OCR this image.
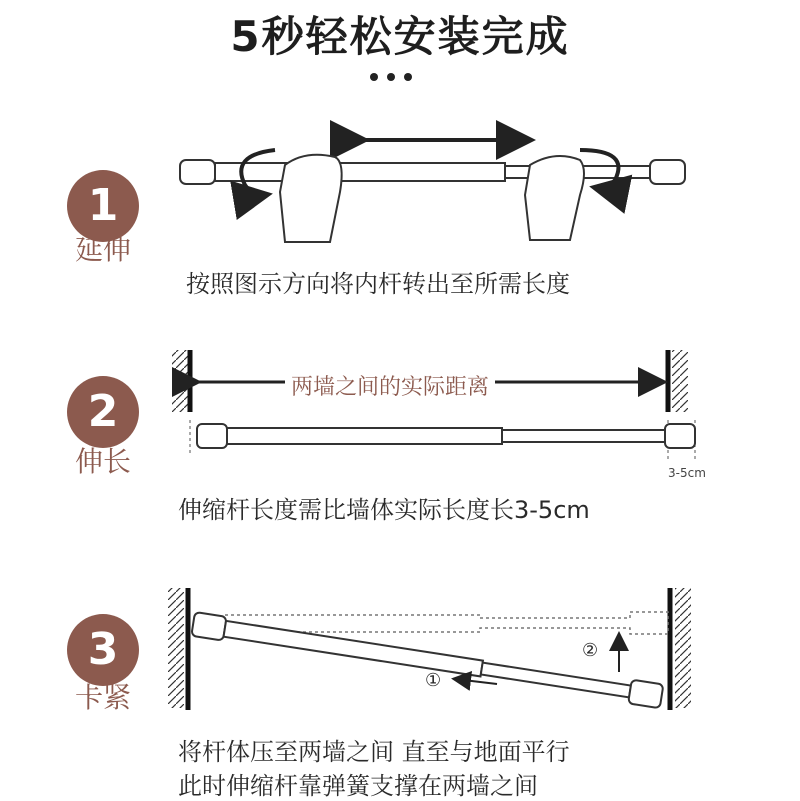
5秒轻松安装完成
两墙之间的实际距离
3-5cm
①
②
1
延伸
按照图示方向将内杆转出至所需长度
2
伸长
伸缩杆长度需比墙体实际长度长3-5cm
3
卡紧
将杆体压至两墙之间 直至与地面平行
此时伸缩杆靠弹簧支撑在两墙之间
